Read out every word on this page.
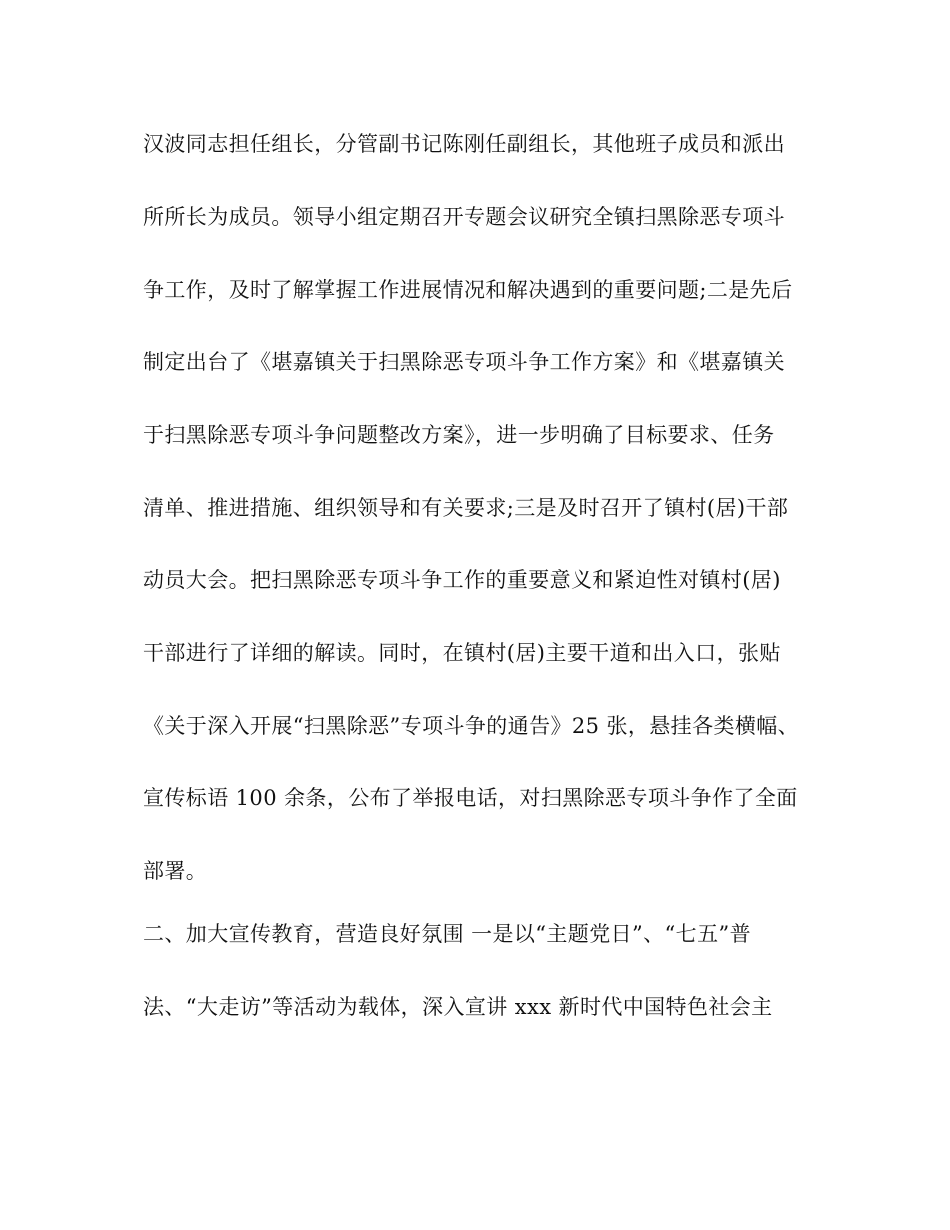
汉波同志担任组长，分管副书记陈刚任副组长，其他班子成员和派出
所所长为成员。领导小组定期召开专题会议研究全镇扫黑除恶专项斗
争工作，及时了解掌握工作进展情况和解决遇到的重要问题;二是先后
制定出台了《堪嘉镇关于扫黑除恶专项斗争工作方案》和《堪嘉镇关
于扫黑除恶专项斗争问题整改方案》，进一步明确了目标要求、任务
清单、推进措施、组织领导和有关要求;三是及时召开了镇村(居)干部
动员大会。把扫黑除恶专项斗争工作的重要意义和紧迫性对镇村(居)
干部进行了详细的解读。同时，在镇村(居)主要干道和出入口，张贴
《关于深入开展“扫黑除恶”专项斗争的通告》25 张，悬挂各类横幅、
宣传标语 100 余条，公布了举报电话，对扫黑除恶专项斗争作了全面
部署。
二、加大宣传教育，营造良好氛围 一是以“主题党日”、“七五”普
法、“大走访”等活动为载体，深入宣讲 xxx 新时代中国特色社会主
